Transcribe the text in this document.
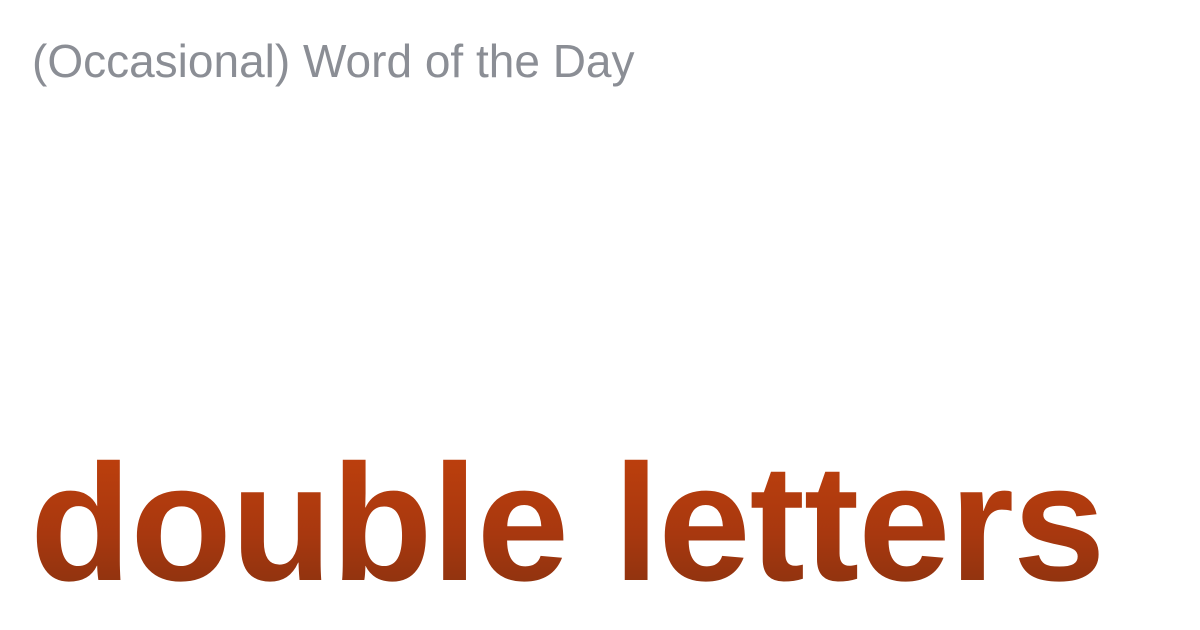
(Occasional) Word of the Day

double letters
